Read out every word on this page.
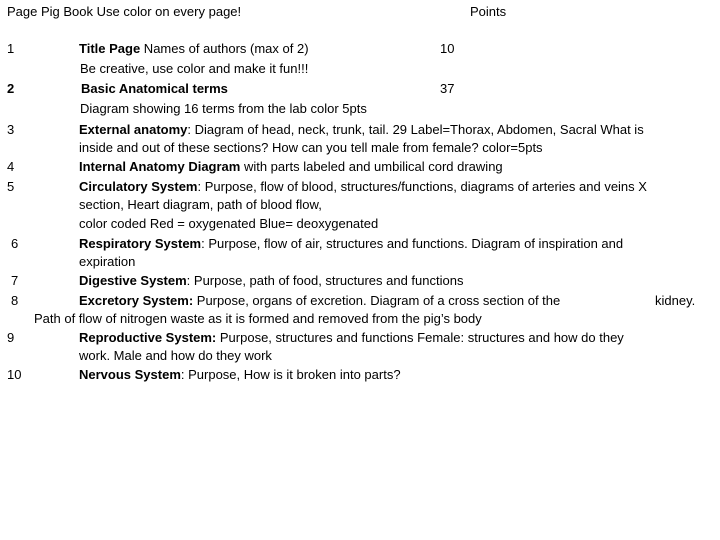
Page Pig Book Use color on every page!	Points
1	Title Page Names of authors (max of 2)	10
Be creative, use color and make it fun!!!
2	Basic Anatomical terms	37
Diagram showing 16 terms from the lab color 5pts
3	External anatomy: Diagram of head, neck, trunk, tail. 29 Label=Thorax, Abdomen, Sacral What is
inside and out of these sections? How can you tell male from female? color=5pts
4	Internal Anatomy Diagram with parts labeled and umbilical cord drawing
5	Circulatory System: Purpose, flow of blood, structures/functions, diagrams of arteries and veins X
section, Heart diagram, path of blood flow,
color coded Red = oxygenated Blue= deoxygenated
6	Respiratory System: Purpose, flow of air, structures and functions. Diagram of inspiration and
expiration
7	Digestive System: Purpose, path of food, structures and functions
8	Excretory System: Purpose, organs of excretion. Diagram of a cross section of the	kidney.
Path of flow of nitrogen waste as it is formed and removed from the pig’s body
9	Reproductive System: Purpose, structures and functions Female: structures and how do they
work. Male and how do they work
10	Nervous System: Purpose, How is it broken into parts?
